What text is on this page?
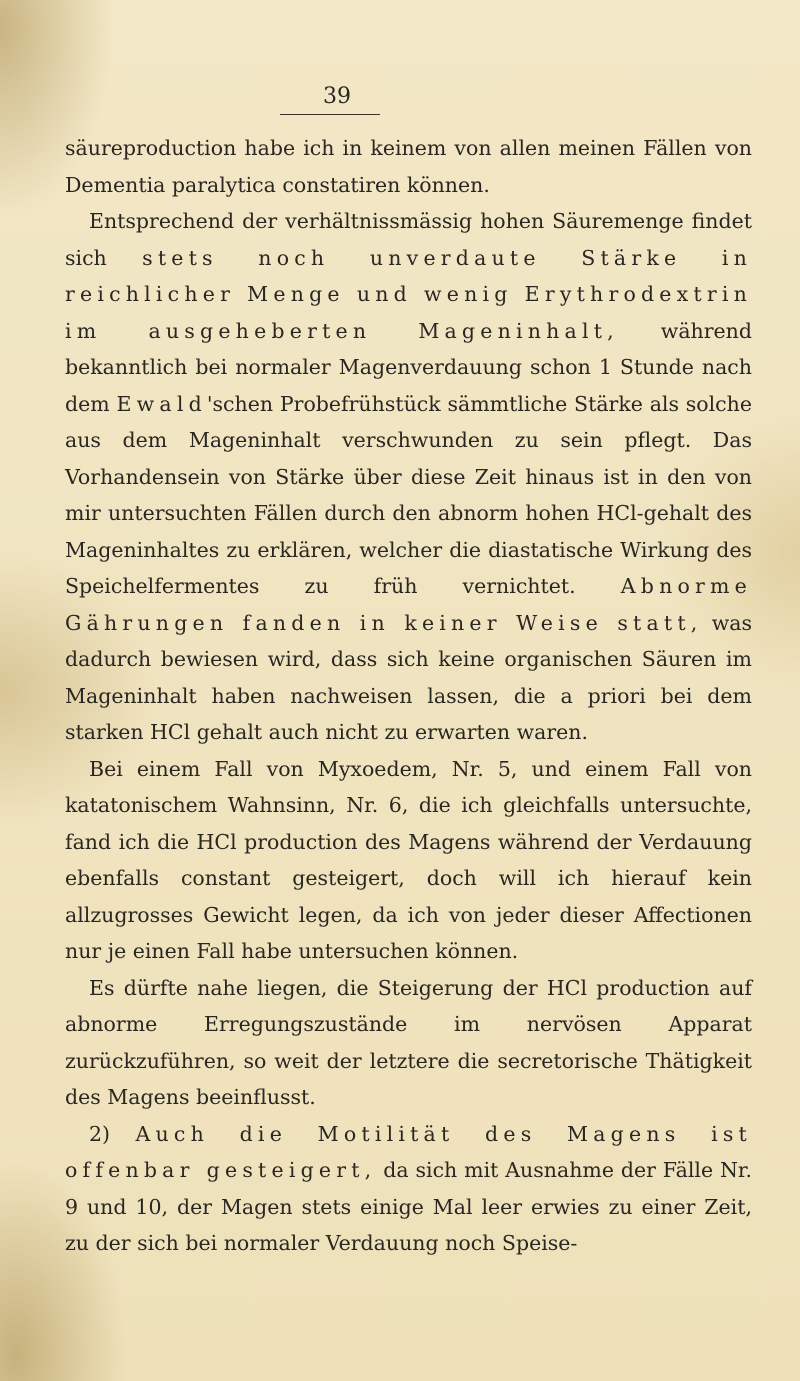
39

säureproduction habe ich in keinem von allen meinen Fällen von Dementia paralytica constatiren können.

Entsprechend der verhältnissmässig hohen Säuremenge findet sich stets noch unverdaute Stärke in reichlicher Menge und wenig Erythrodextrin im ausgeheberten Mageninhalt, während bekanntlich bei normaler Magenverdauung schon 1 Stunde nach dem Ewald'schen Probefrühstück sämmtliche Stärke als solche aus dem Mageninhalt verschwunden zu sein pflegt. Das Vorhandensein von Stärke über diese Zeit hinaus ist in den von mir untersuchten Fällen durch den abnorm hohen HCl-gehalt des Mageninhaltes zu erklären, welcher die diastatische Wirkung des Speichelfermentes zu früh vernichtet. Abnorme Gährungen fanden in keiner Weise statt, was dadurch bewiesen wird, dass sich keine organischen Säuren im Mageninhalt haben nachweisen lassen, die a priori bei dem starken HCl gehalt auch nicht zu erwarten waren.

Bei einem Fall von Myxoedem, Nr. 5, und einem Fall von katatonischem Wahnsinn, Nr. 6, die ich gleichfalls untersuchte, fand ich die HCl production des Magens während der Verdauung ebenfalls constant gesteigert, doch will ich hierauf kein allzugrosses Gewicht legen, da ich von jeder dieser Affectionen nur je einen Fall habe untersuchen können.

Es dürfte nahe liegen, die Steigerung der HCl production auf abnorme Erregungszustände im nervösen Apparat zurückzuführen, so weit der letztere die secretorische Thätigkeit des Magens beeinflusst.

2) Auch die Motilität des Magens ist offenbar gesteigert, da sich mit Ausnahme der Fälle Nr. 9 und 10, der Magen stets einige Mal leer erwies zu einer Zeit, zu der sich bei normaler Verdauung noch Speise-
